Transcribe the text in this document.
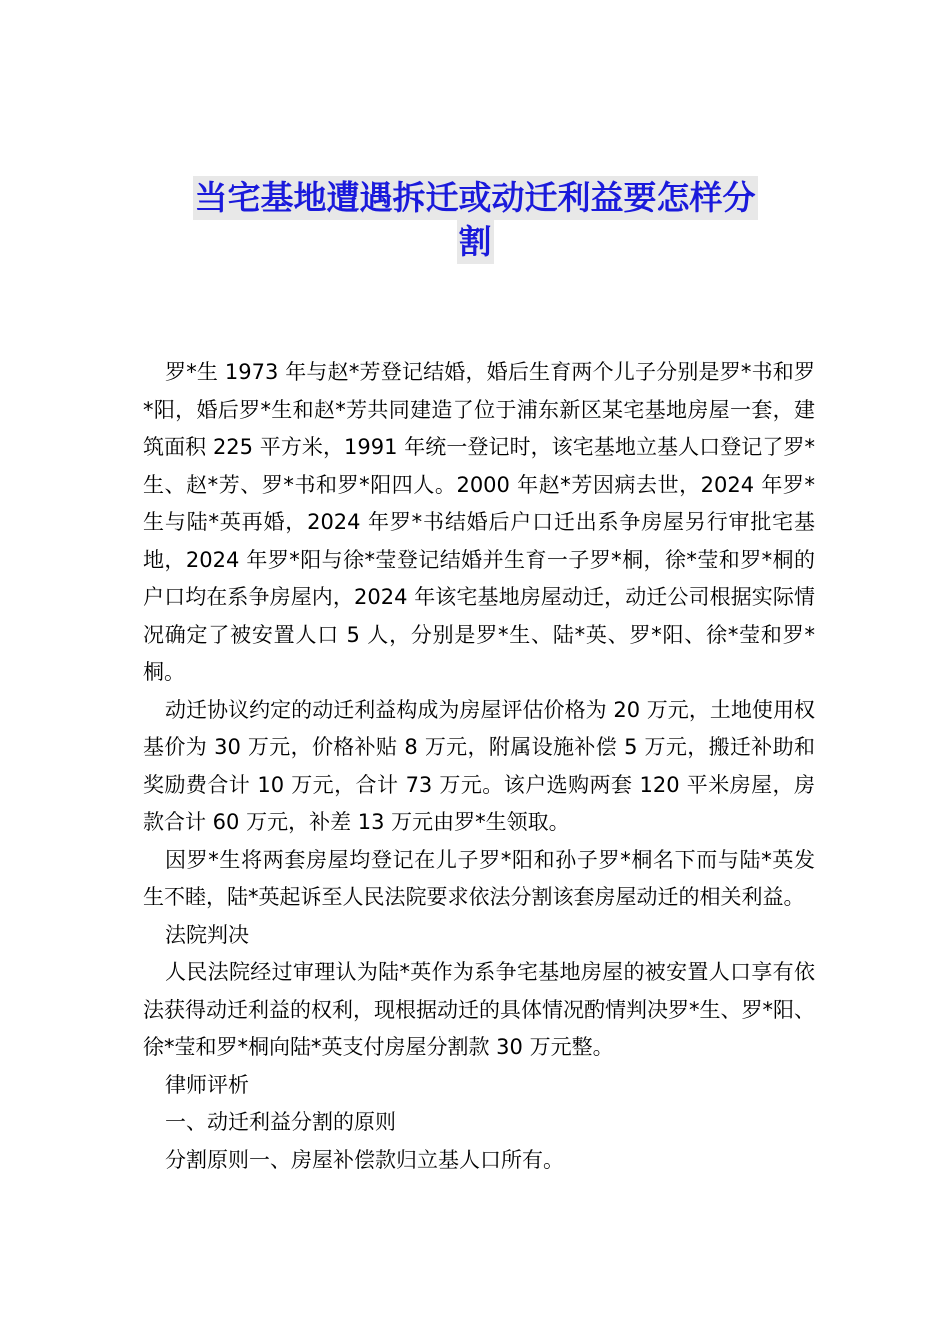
当宅基地遭遇拆迁或动迁利益要怎样分
割

罗*生 1973 年与赵*芳登记结婚，婚后生育两个儿子分别是罗*书和罗*阳，婚后罗*生和赵*芳共同建造了位于浦东新区某宅基地房屋一套，建筑面积 225 平方米，1991 年统一登记时，该宅基地立基人口登记了罗*生、赵*芳、罗*书和罗*阳四人。2000 年赵*芳因病去世，2024 年罗*生与陆*英再婚，2024 年罗*书结婚后户口迁出系争房屋另行审批宅基地，2024 年罗*阳与徐*莹登记结婚并生育一子罗*桐，徐*莹和罗*桐的户口均在系争房屋内，2024 年该宅基地房屋动迁，动迁公司根据实际情况确定了被安置人口 5 人，分别是罗*生、陆*英、罗*阳、徐*莹和罗*桐。

动迁协议约定的动迁利益构成为房屋评估价格为 20 万元，土地使用权基价为 30 万元，价格补贴 8 万元，附属设施补偿 5 万元，搬迁补助和奖励费合计 10 万元，合计 73 万元。该户选购两套 120 平米房屋，房款合计 60 万元，补差 13 万元由罗*生领取。

因罗*生将两套房屋均登记在儿子罗*阳和孙子罗*桐名下而与陆*英发生不睦，陆*英起诉至人民法院要求依法分割该套房屋动迁的相关利益。

法院判决

人民法院经过审理认为陆*英作为系争宅基地房屋的被安置人口享有依法获得动迁利益的权利，现根据动迁的具体情况酌情判决罗*生、罗*阳、徐*莹和罗*桐向陆*英支付房屋分割款 30 万元整。

律师评析

一、动迁利益分割的原则

分割原则一、房屋补偿款归立基人口所有。
